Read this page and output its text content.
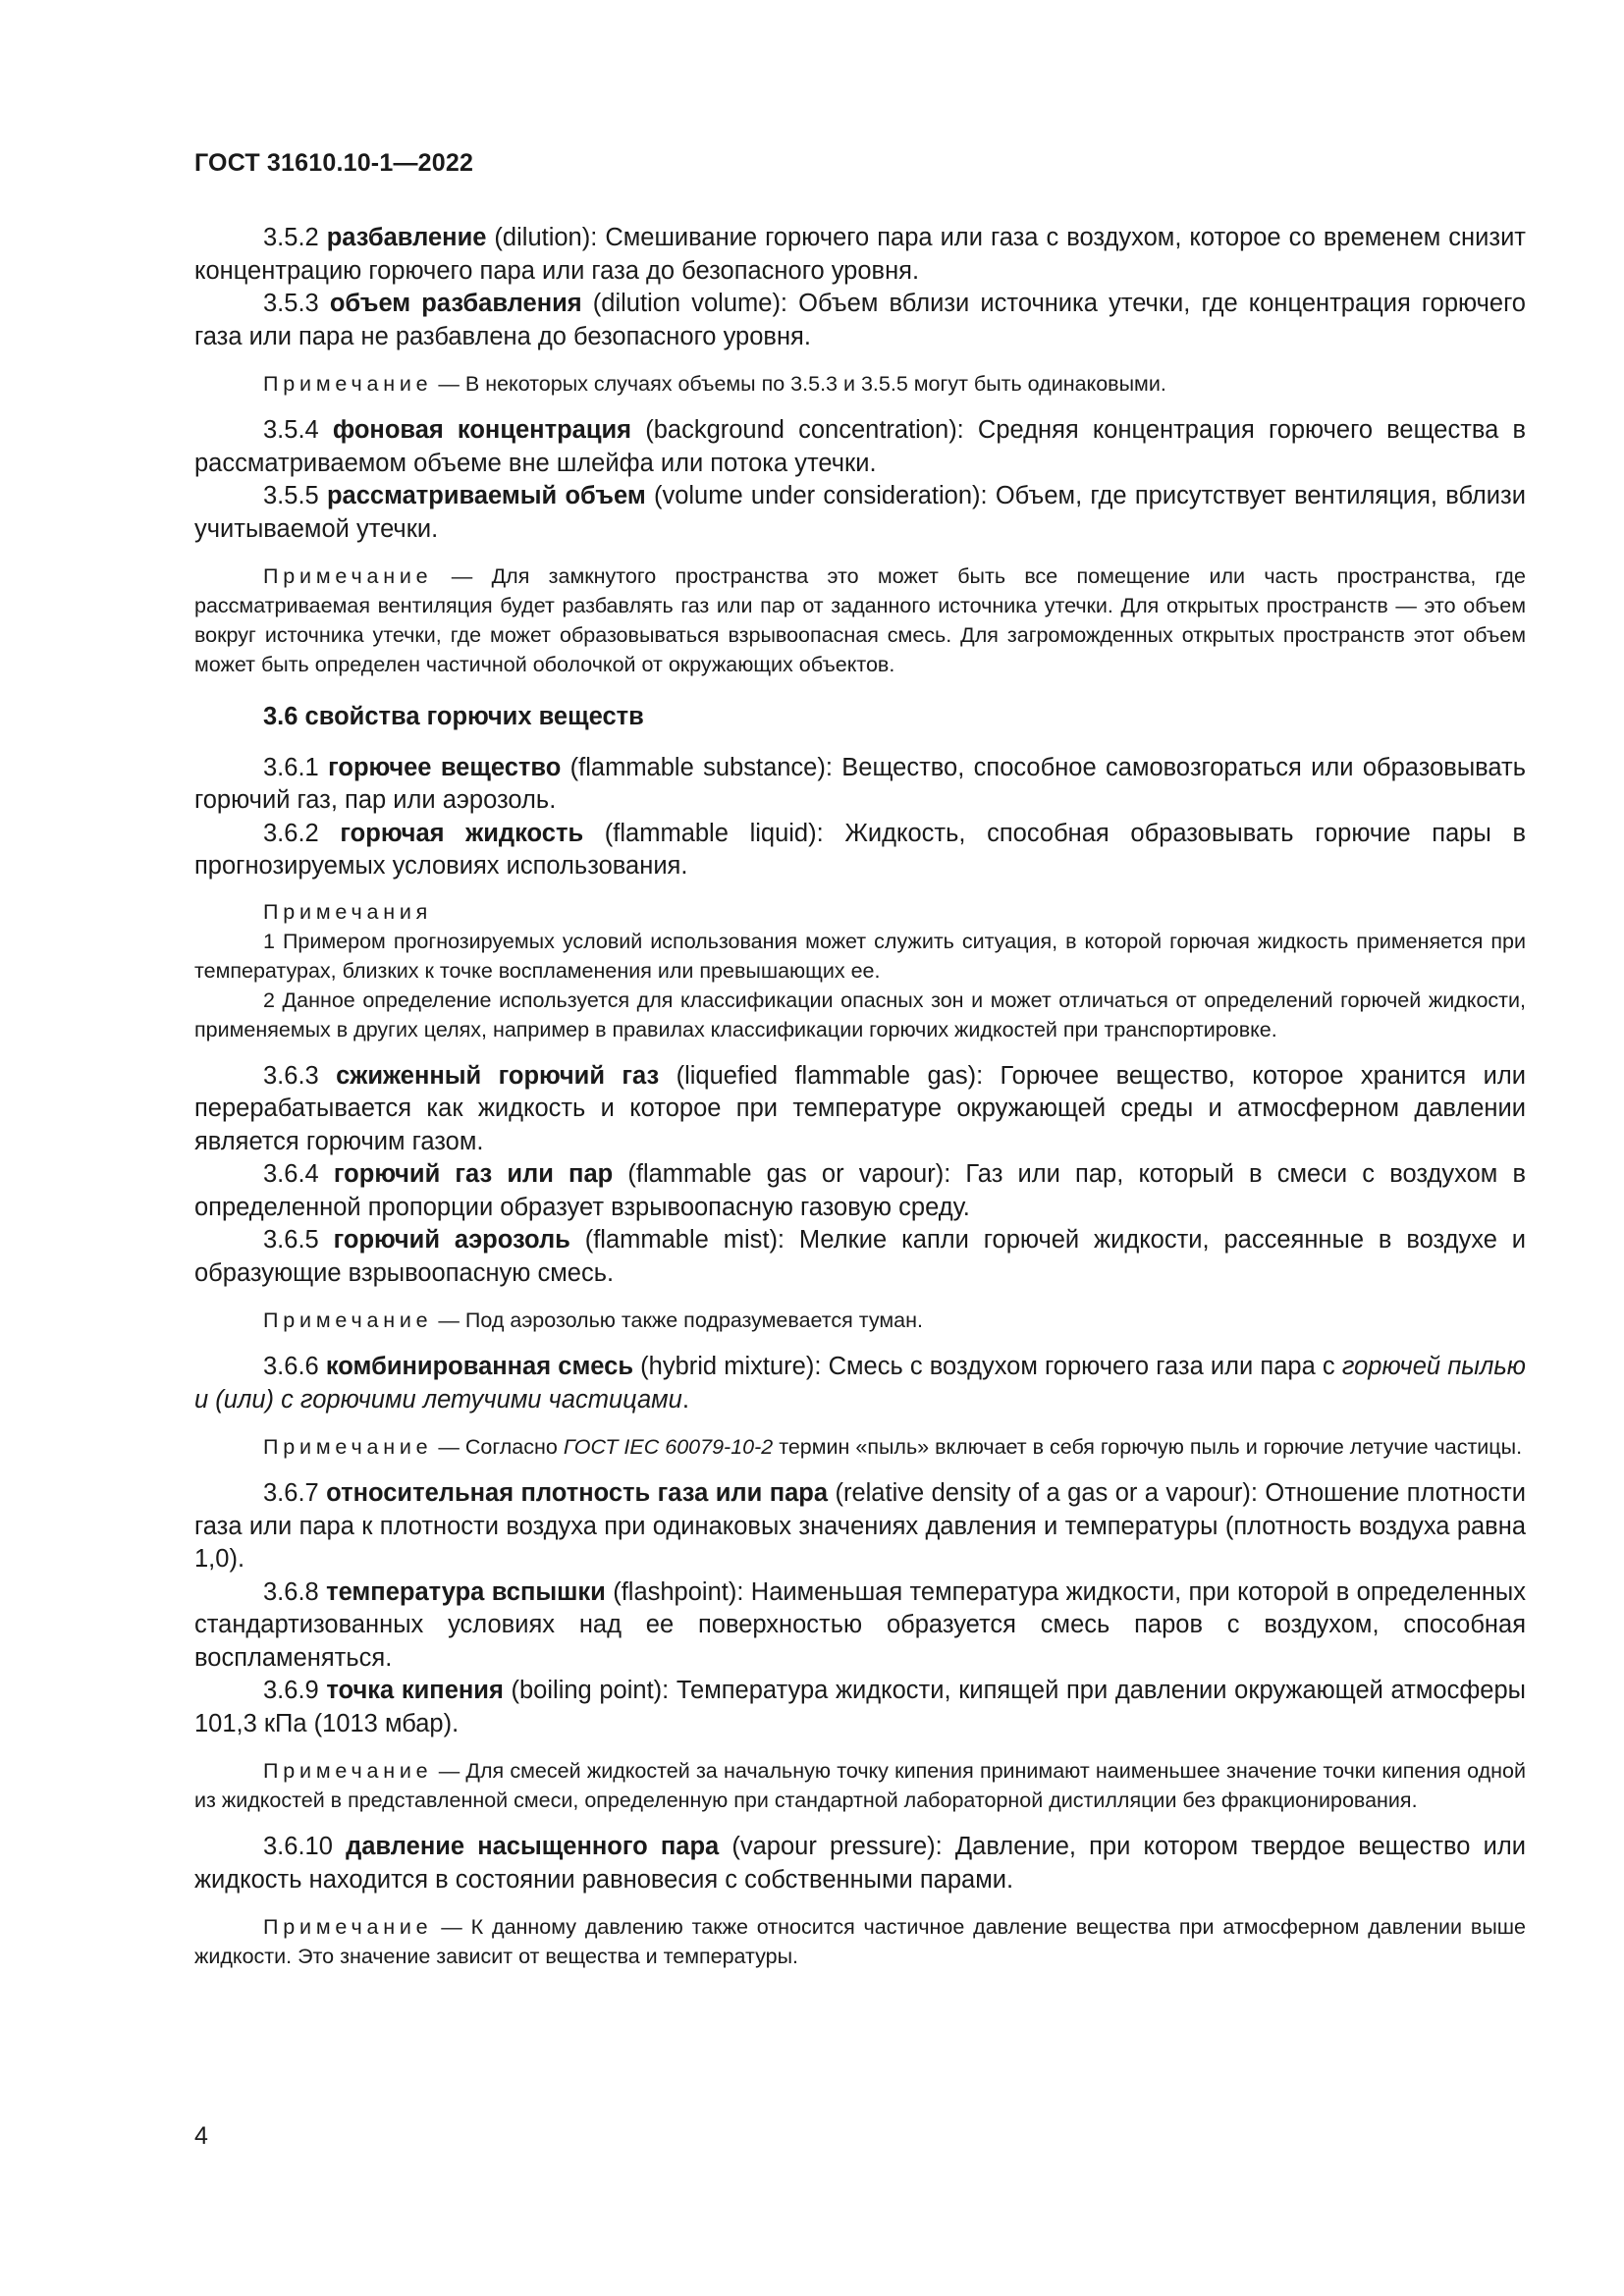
ГОСТ 31610.10-1—2022

3.5.2 разбавление (dilution): Смешивание горючего пара или газа с воздухом, которое со временем снизит концентрацию горючего пара или газа до безопасного уровня.

3.5.3 объем разбавления (dilution volume): Объем вблизи источника утечки, где концентрация горючего газа или пара не разбавлена до безопасного уровня.

Примечание — В некоторых случаях объемы по 3.5.3 и 3.5.5 могут быть одинаковыми.

3.5.4 фоновая концентрация (background concentration): Средняя концентрация горючего вещества в рассматриваемом объеме вне шлейфа или потока утечки.

3.5.5 рассматриваемый объем (volume under consideration): Объем, где присутствует вентиляция, вблизи учитываемой утечки.

Примечание — Для замкнутого пространства это может быть все помещение или часть пространства, где рассматриваемая вентиляция будет разбавлять газ или пар от заданного источника утечки. Для открытых пространств — это объем вокруг источника утечки, где может образовываться взрывоопасная смесь. Для загроможденных открытых пространств этот объем может быть определен частичной оболочкой от окружающих объектов.

3.6 свойства горючих веществ

3.6.1 горючее вещество (flammable substance): Вещество, способное самовозгораться или образовывать горючий газ, пар или аэрозоль.

3.6.2 горючая жидкость (flammable liquid): Жидкость, способная образовывать горючие пары в прогнозируемых условиях использования.

Примечания

1 Примером прогнозируемых условий использования может служить ситуация, в которой горючая жидкость применяется при температурах, близких к точке воспламенения или превышающих ее.

2 Данное определение используется для классификации опасных зон и может отличаться от определений горючей жидкости, применяемых в других целях, например в правилах классификации горючих жидкостей при транспортировке.

3.6.3 сжиженный горючий газ (liquefied flammable gas): Горючее вещество, которое хранится или перерабатывается как жидкость и которое при температуре окружающей среды и атмосферном давлении является горючим газом.

3.6.4 горючий газ или пар (flammable gas or vapour): Газ или пар, который в смеси с воздухом в определенной пропорции образует взрывоопасную газовую среду.

3.6.5 горючий аэрозоль (flammable mist): Мелкие капли горючей жидкости, рассеянные в воздухе и образующие взрывоопасную смесь.

Примечание — Под аэрозолью также подразумевается туман.

3.6.6 комбинированная смесь (hybrid mixture): Смесь с воздухом горючего газа или пара с горючей пылью и (или) с горючими летучими частицами.

Примечание — Согласно ГОСТ IEC 60079-10-2 термин «пыль» включает в себя горючую пыль и горючие летучие частицы.

3.6.7 относительная плотность газа или пара (relative density of a gas or a vapour): Отношение плотности газа или пара к плотности воздуха при одинаковых значениях давления и температуры (плотность воздуха равна 1,0).

3.6.8 температура вспышки (flashpoint): Наименьшая температура жидкости, при которой в определенных стандартизованных условиях над ее поверхностью образуется смесь паров с воздухом, способная воспламеняться.

3.6.9 точка кипения (boiling point): Температура жидкости, кипящей при давлении окружающей атмосферы 101,3 кПа (1013 мбар).

Примечание — Для смесей жидкостей за начальную точку кипения принимают наименьшее значение точки кипения одной из жидкостей в представленной смеси, определенную при стандартной лабораторной дистилляции без фракционирования.

3.6.10 давление насыщенного пара (vapour pressure): Давление, при котором твердое вещество или жидкость находится в состоянии равновесия с собственными парами.

Примечание — К данному давлению также относится частичное давление вещества при атмосферном давлении выше жидкости. Это значение зависит от вещества и температуры.

4
